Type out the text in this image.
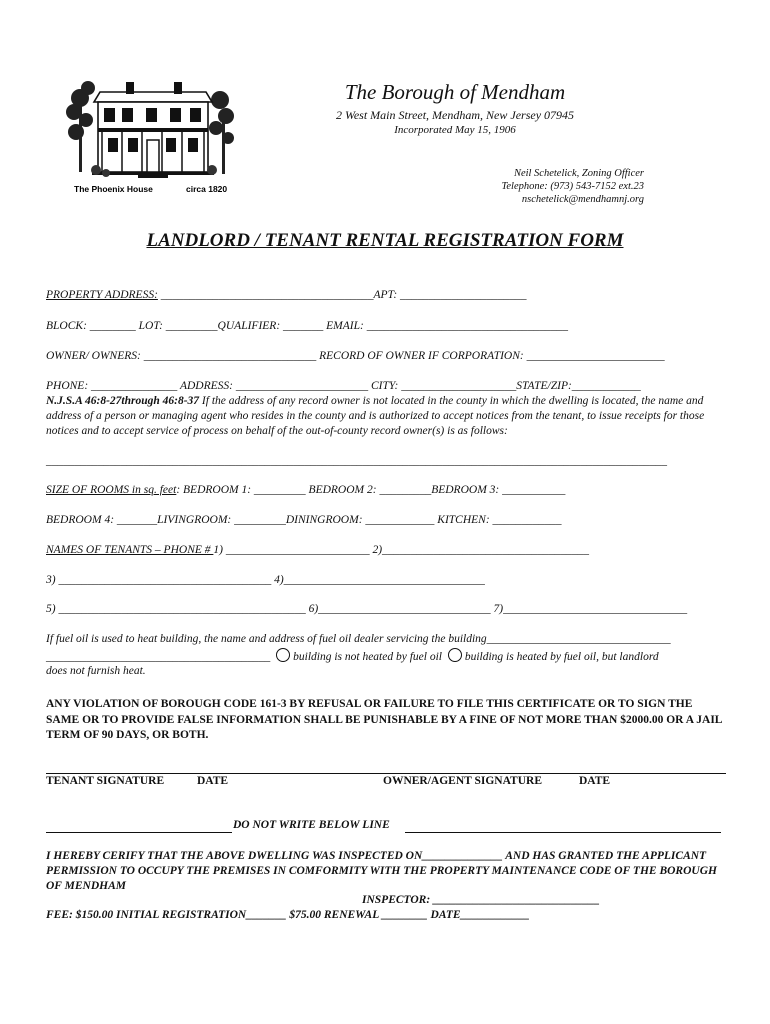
The Phoenix House	circa 1820
The Borough of Mendham
2 West Main Street, Mendham, New Jersey 07945
Incorporated May 15, 1906
Neil Schetelick, Zoning Officer
Telephone: (973) 543-7152 ext.23
nschetelick@mendhamnj.org
LANDLORD / TENANT RENTAL REGISTRATION FORM
PROPERTY ADDRESS: _____________________________________APT: ______________________
BLOCK: ________ LOT: _________QUALIFIER: _______ EMAIL: ___________________________________
OWNER/ OWNERS: ______________________________ RECORD OF OWNER IF CORPORATION: ________________________
PHONE: _______________ ADDRESS: _______________________ CITY: ____________________STATE/ZIP:____________
N.J.S.A 46:8-27through 46:8-37 If the address of any record owner is not located in the county in which the dwelling is located, the name and address of a person or managing agent who resides in the county and is authorized to accept notices from the tenant, to issue receipts for those notices and to accept service of process on behalf of the out-of-county record owner(s) is as follows:
____________________________________________________________________________________________________________
SIZE OF ROOMS in sq. feet: BEDROOM 1: _________ BEDROOM 2: _________BEDROOM 3: ___________
BEDROOM 4: _______LIVINGROOM: _________DININGROOM: ____________ KITCHEN: ____________
NAMES OF TENANTS – PHONE # 1) _________________________ 2)____________________________________
3) _____________________________________ 4)___________________________________
5) ___________________________________________ 6)______________________________ 7)________________________________
If fuel oil is used to heat building, the name and address of fuel oil dealer servicing the building________________________________
_______________________________________ building is not heated by fuel oil building is heated by fuel oil, but landlord
does not furnish heat.
ANY VIOLATION OF BOROUGH CODE 161-3 BY REFUSAL OR FAILURE TO FILE THIS CERTIFICATE OR TO SIGN THE SAME OR TO PROVIDE FALSE INFORMATION SHALL BE PUNISHABLE BY A FINE OF NOT MORE THAN $2000.00 OR A JAIL TERM OF 90 DAYS, OR BOTH.
TENANT SIGNATURE	DATE	OWNER/AGENT SIGNATURE	DATE
DO NOT WRITE BELOW LINE
I HEREBY CERIFY THAT THE ABOVE DWELLING WAS INSPECTED ON______________ AND HAS GRANTED THE APPLICANT PERMISSION TO OCCUPY THE PREMISES IN COMFORMITY WITH THE PROPERTY MAINTENANCE CODE OF THE BOROUGH OF MENDHAM
INSPECTOR: _____________________________
FEE: $150.00 INITIAL REGISTRATION_______ $75.00 RENEWAL ________ DATE____________
